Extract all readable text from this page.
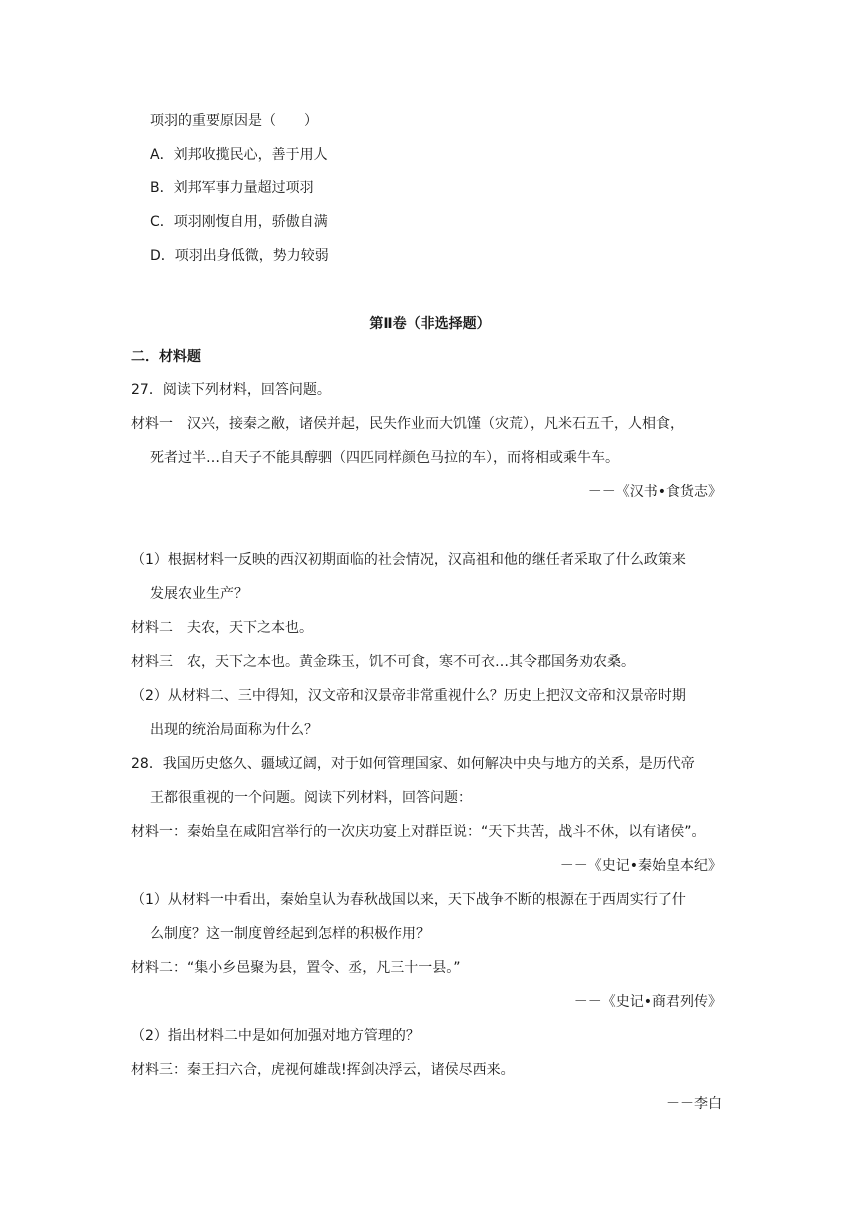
项羽的重要原因是（　　）
A．刘邦收揽民心，善于用人
B．刘邦军事力量超过项羽
C．项羽刚愎自用，骄傲自满
D．项羽出身低微，势力较弱
第Ⅱ卷（非选择题）
二．材料题
27．阅读下列材料，回答问题。
材料一　汉兴，接秦之敝，诸侯并起，民失作业而大饥馑（灾荒），凡米石五千，人相食，
死者过半…自天子不能具醇驷（四匹同样颜色马拉的车），而将相或乘牛车。
－－《汉书•食货志》
（1）根据材料一反映的西汉初期面临的社会情况，汉高祖和他的继任者采取了什么政策来
发展农业生产？
材料二　夫农，天下之本也。
材料三　农，天下之本也。黄金珠玉，饥不可食，寒不可衣…其令郡国务劝农桑。
（2）从材料二、三中得知，汉文帝和汉景帝非常重视什么？历史上把汉文帝和汉景帝时期
出现的统治局面称为什么？
28．我国历史悠久、疆域辽阔，对于如何管理国家、如何解决中央与地方的关系，是历代帝
王都很重视的一个问题。阅读下列材料，回答问题：
材料一：秦始皇在咸阳宫举行的一次庆功宴上对群臣说：“天下共苦，战斗不休，以有诸侯”。
－－《史记•秦始皇本纪》
（1）从材料一中看出，秦始皇认为春秋战国以来，天下战争不断的根源在于西周实行了什
么制度？这一制度曾经起到怎样的积极作用？
材料二：“集小乡邑聚为县，置令、丞，凡三十一县。”
－－《史记•商君列传》
（2）指出材料二中是如何加强对地方管理的？
材料三：秦王扫六合，虎视何雄哉!挥剑决浮云，诸侯尽西来。
－－李白
